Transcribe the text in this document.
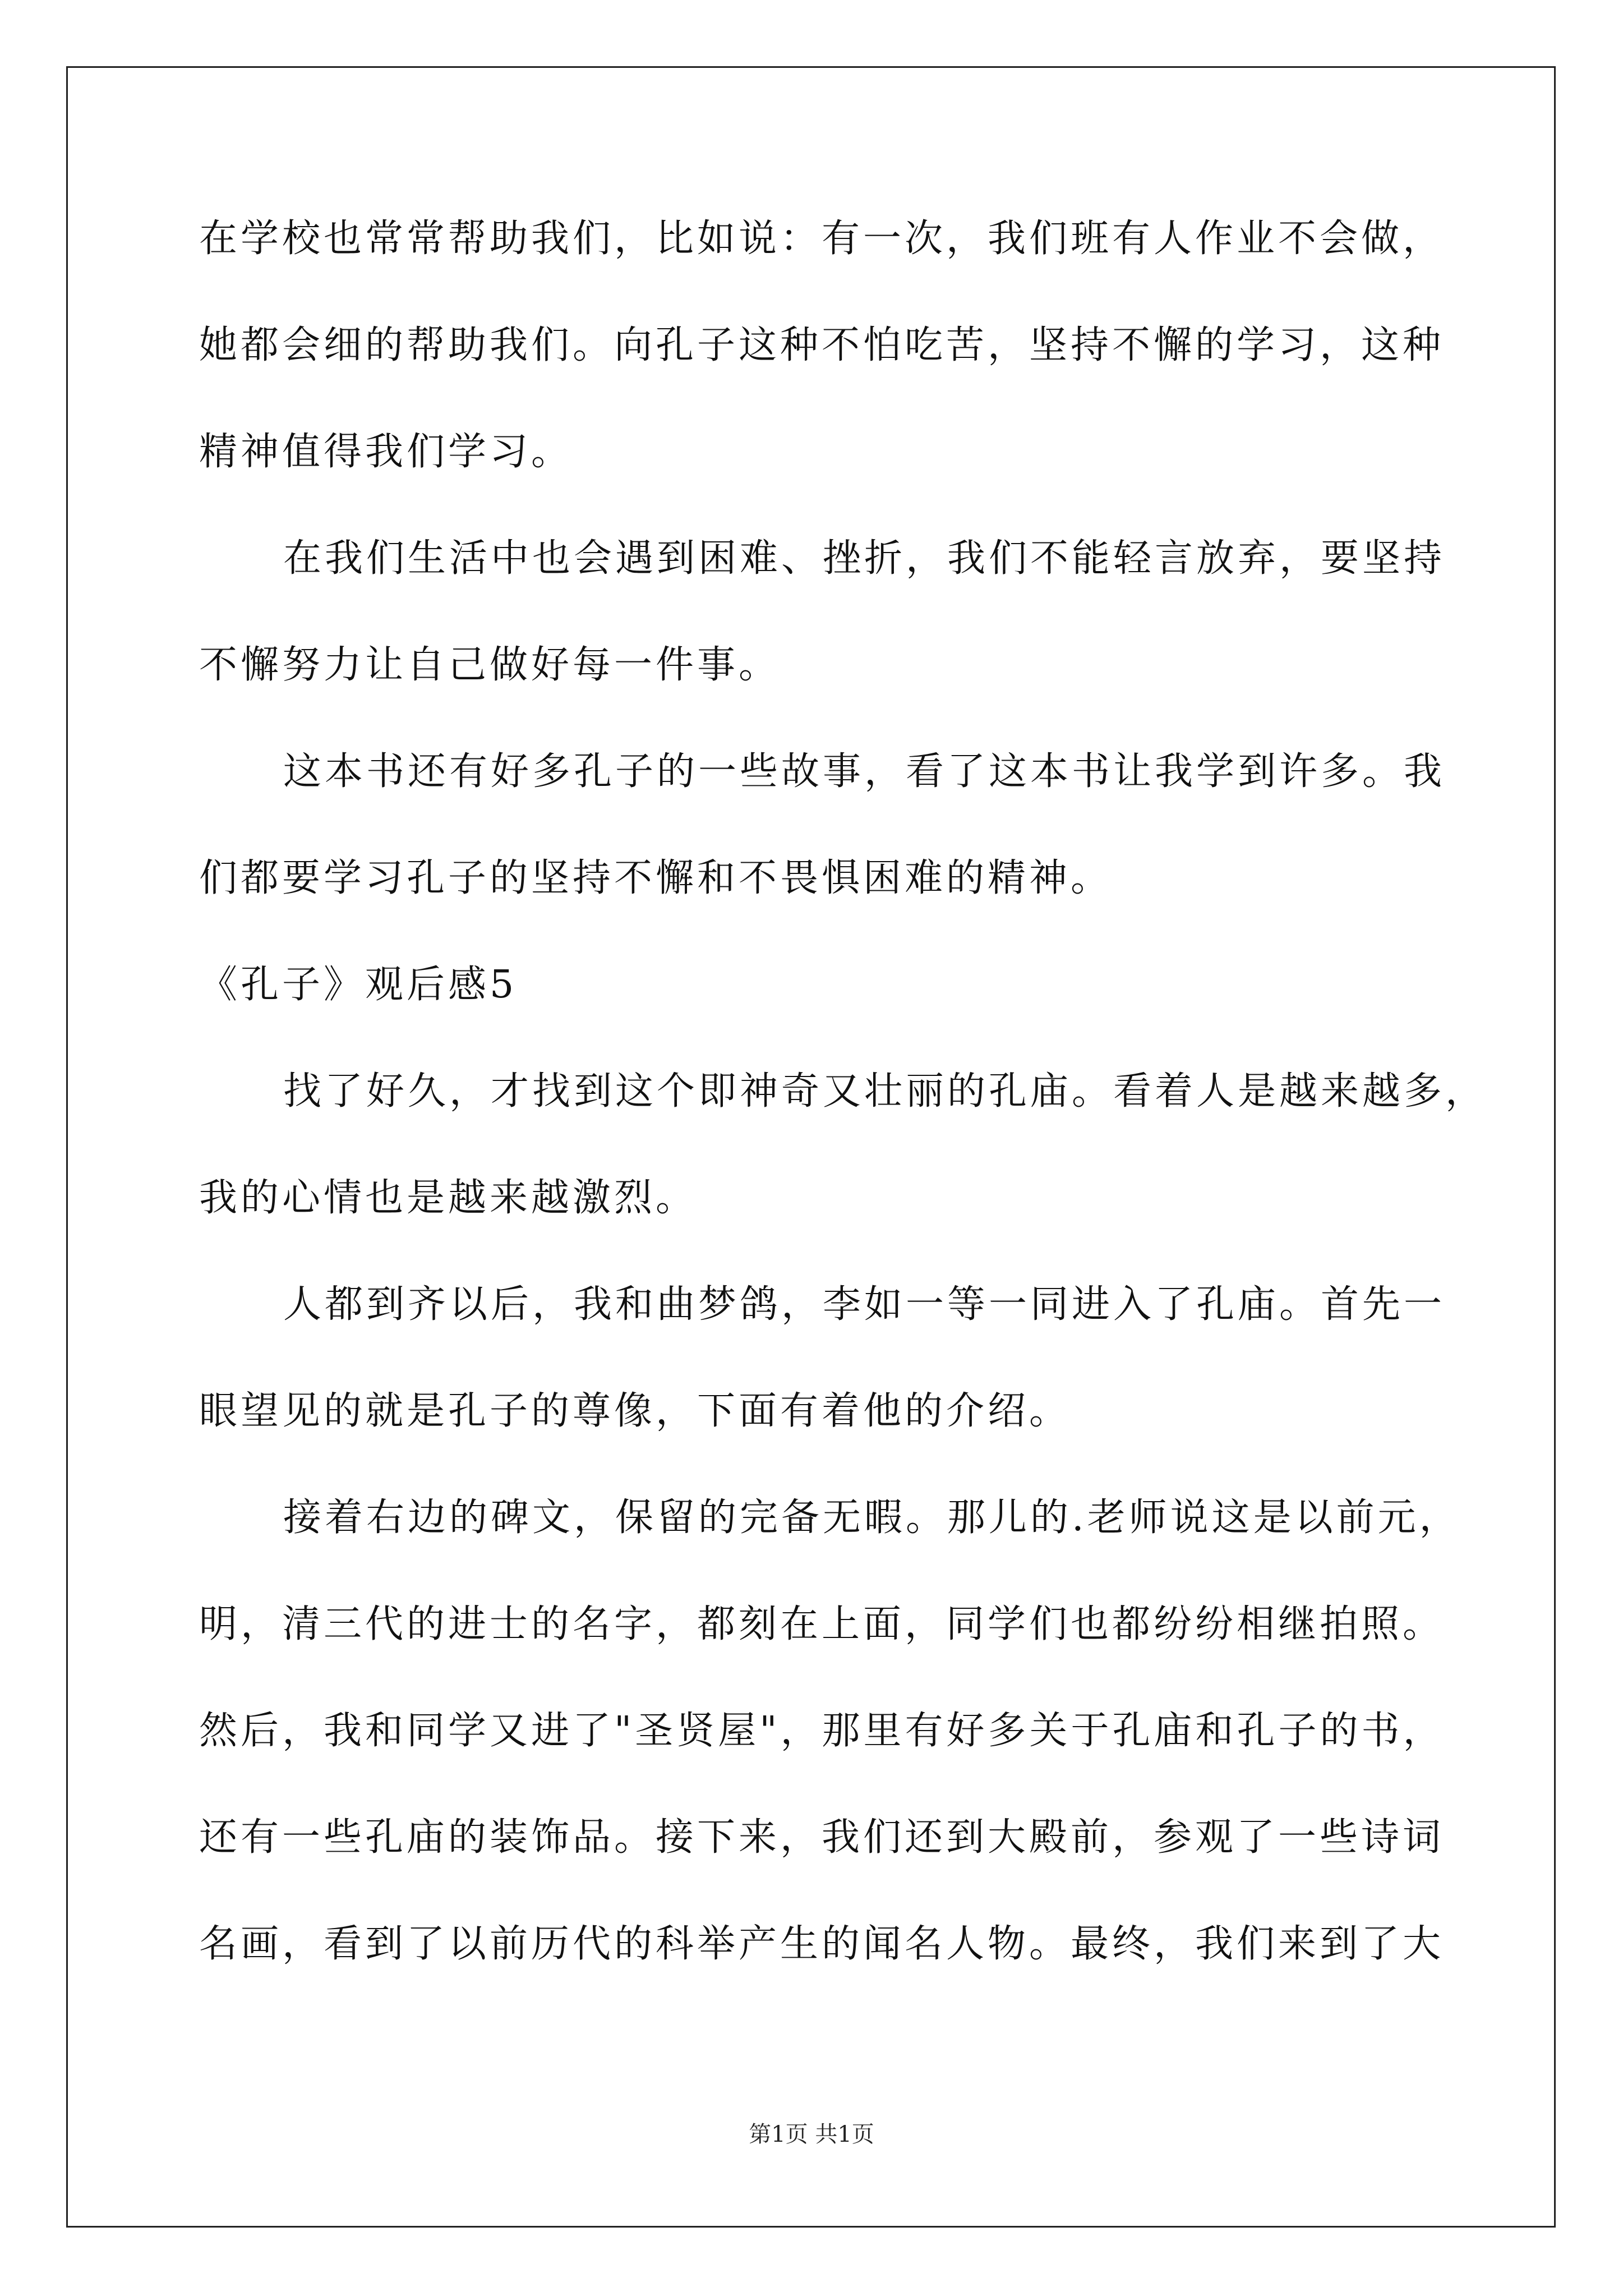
在学校也常常帮助我们，比如说：有一次，我们班有人作业不会做，
她都会细的帮助我们。向孔子这种不怕吃苦，坚持不懈的学习，这种
精神值得我们学习。
在我们生活中也会遇到困难、挫折，我们不能轻言放弃，要坚持
不懈努力让自己做好每一件事。
这本书还有好多孔子的一些故事，看了这本书让我学到许多。我
们都要学习孔子的坚持不懈和不畏惧困难的精神。
《孔子》观后感5
找了好久，才找到这个即神奇又壮丽的孔庙。看着人是越来越多，
我的心情也是越来越激烈。
人都到齐以后，我和曲梦鸽，李如一等一同进入了孔庙。首先一
眼望见的就是孔子的尊像，下面有着他的介绍。
接着右边的碑文，保留的完备无暇。那儿的.老师说这是以前元，
明，清三代的进士的名字，都刻在上面，同学们也都纷纷相继拍照。
然后，我和同学又进了"圣贤屋"，那里有好多关于孔庙和孔子的书，
还有一些孔庙的装饰品。接下来，我们还到大殿前，参观了一些诗词
名画，看到了以前历代的科举产生的闻名人物。最终，我们来到了大
第1页 共1页
